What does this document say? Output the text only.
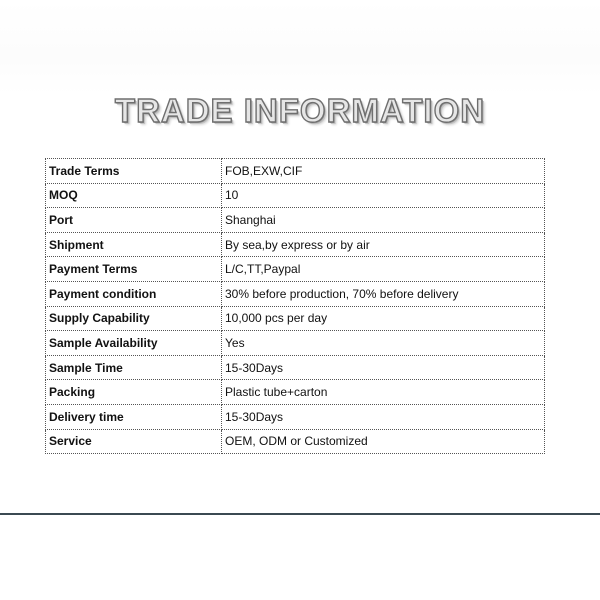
TRADE INFORMATION
Trade Terms	FOB,EXW,CIF
MOQ	10
Port	Shanghai
Shipment	By sea,by express or by air
Payment Terms	L/C,TT,Paypal
Payment condition	30% before production, 70% before delivery
Supply Capability	10,000 pcs per day
Sample Availability	Yes
Sample Time	15-30Days
Packing	Plastic tube+carton
Delivery time	15-30Days
Service	OEM, ODM or Customized
